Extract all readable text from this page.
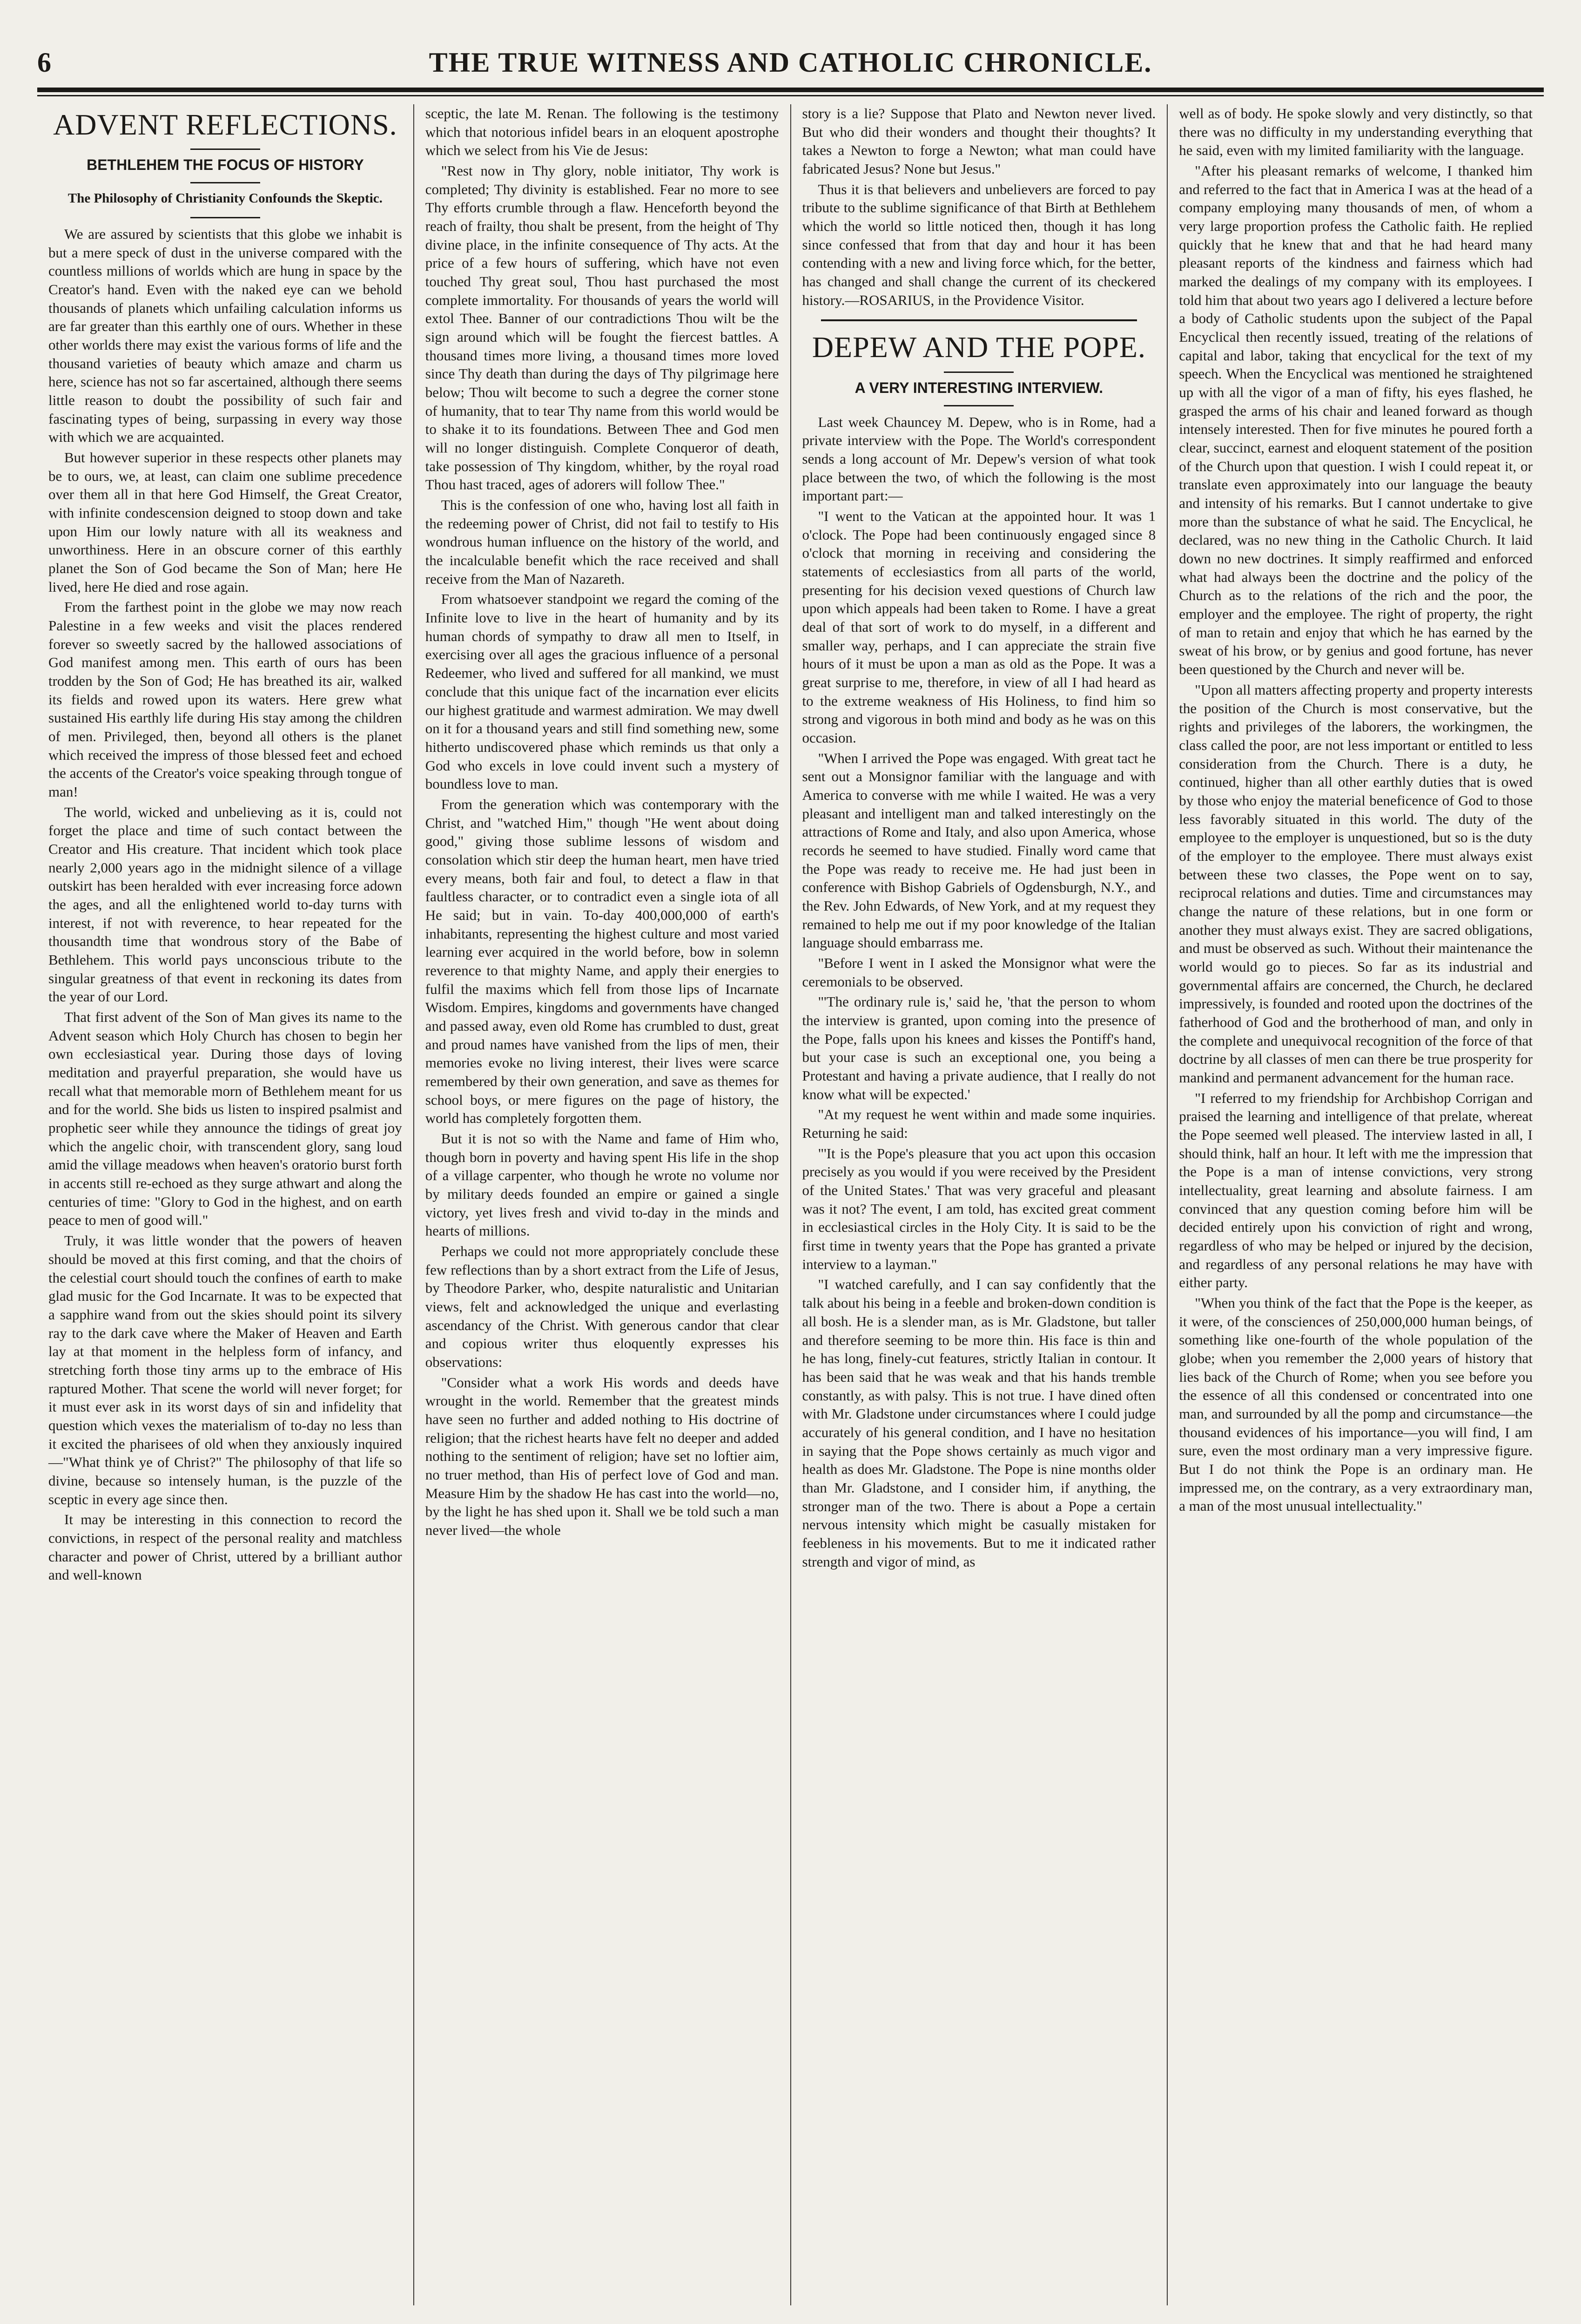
6	THE TRUE WITNESS AND CATHOLIC CHRONICLE.
ADVENT REFLECTIONS.
BETHLEHEM THE FOCUS OF HISTORY
The Philosophy of Christianity Confounds the Skeptic.

We are assured by scientists that this globe we inhabit is but a mere speck of dust in the universe compared with the countless millions of worlds which are hung in space by the Creator's hand. Even with the naked eye can we behold thousands of planets which unfailing calculation informs us are far greater than this earthly one of ours. Whether in these other worlds there may exist the various forms of life and the thousand varieties of beauty which amaze and charm us here, science has not so far ascertained, although there seems little reason to doubt the possibility of such fair and fascinating types of being, surpassing in every way those with which we are acquainted.

But however superior in these respects other planets may be to ours, we, at least, can claim one sublime precedence over them all in that here God Himself, the Great Creator, with infinite condescension deigned to stoop down and take upon Him our lowly nature with all its weakness and unworthiness. Here in an obscure corner of this earthly planet the Son of God became the Son of Man; here He lived, here He died and rose again.

From the farthest point in the globe we may now reach Palestine in a few weeks and visit the places rendered forever so sweetly sacred by the hallowed associations of God manifest among men. This earth of ours has been trodden by the Son of God; He has breathed its air, walked its fields and rowed upon its waters. Here grew what sustained His earthly life during His stay among the children of men. Privileged, then, beyond all others is the planet which received the impress of those blessed feet and echoed the accents of the Creator's voice speaking through tongue of man!

The world, wicked and unbelieving as it is, could not forget the place and time of such contact between the Creator and His creature. That incident which took place nearly 2,000 years ago in the midnight silence of a village outskirt has been heralded with ever increasing force adown the ages, and all the enlightened world to-day turns with interest, if not with reverence, to hear repeated for the thousandth time that wondrous story of the Babe of Bethlehem. This world pays unconscious tribute to the singular greatness of that event in reckoning its dates from the year of our Lord.

That first advent of the Son of Man gives its name to the Advent season which Holy Church has chosen to begin her own ecclesiastical year. During those days of loving meditation and prayerful preparation, she would have us recall what that memorable morn of Bethlehem meant for us and for the world. She bids us listen to inspired psalmist and prophetic seer while they announce the tidings of great joy which the angelic choir, with transcendent glory, sang loud amid the village meadows when heaven's oratorio burst forth in accents still re-echoed as they surge athwart and along the centuries of time: "Glory to God in the highest, and on earth peace to men of good will."

Truly, it was little wonder that the powers of heaven should be moved at this first coming, and that the choirs of the celestial court should touch the confines of earth to make glad music for the God Incarnate. It was to be expected that a sapphire wand from out the skies should point its silvery ray to the dark cave where the Maker of Heaven and Earth lay at that moment in the helpless form of infancy, and stretching forth those tiny arms up to the embrace of His raptured Mother. That scene the world will never forget; for it must ever ask in its worst days of sin and infidelity that question which vexes the materialism of to-day no less than it excited the pharisees of old when they anxiously inquired—"What think ye of Christ?" The philosophy of that life so divine, because so intensely human, is the puzzle of the sceptic in every age since then.

It may be interesting in this connection to record the convictions, in respect of the personal reality and matchless character and power of Christ, uttered by a brilliant author and well-known

sceptic, the late M. Renan. The following is the testimony which that notorious infidel bears in an eloquent apostrophe which we select from his Vie de Jesus:

"Rest now in Thy glory, noble initiator, Thy work is completed; Thy divinity is established. Fear no more to see Thy efforts crumble through a flaw. Henceforth beyond the reach of frailty, thou shalt be present, from the height of Thy divine place, in the infinite consequence of Thy acts. At the price of a few hours of suffering, which have not even touched Thy great soul, Thou hast purchased the most complete immortality. For thousands of years the world will extol Thee. Banner of our contradictions Thou wilt be the sign around which will be fought the fiercest battles. A thousand times more living, a thousand times more loved since Thy death than during the days of Thy pilgrimage here below; Thou wilt become to such a degree the corner stone of humanity, that to tear Thy name from this world would be to shake it to its foundations. Between Thee and God men will no longer distinguish. Complete Conqueror of death, take possession of Thy kingdom, whither, by the royal road Thou hast traced, ages of adorers will follow Thee."

This is the confession of one who, having lost all faith in the redeeming power of Christ, did not fail to testify to His wondrous human influence on the history of the world, and the incalculable benefit which the race received and shall receive from the Man of Nazareth.

From whatsoever standpoint we regard the coming of the Infinite love to live in the heart of humanity and by its human chords of sympathy to draw all men to Itself, in exercising over all ages the gracious influence of a personal Redeemer, who lived and suffered for all mankind, we must conclude that this unique fact of the incarnation ever elicits our highest gratitude and warmest admiration. We may dwell on it for a thousand years and still find something new, some hitherto undiscovered phase which reminds us that only a God who excels in love could invent such a mystery of boundless love to man.

From the generation which was contemporary with the Christ, and "watched Him," though "He went about doing good," giving those sublime lessons of wisdom and consolation which stir deep the human heart, men have tried every means, both fair and foul, to detect a flaw in that faultless character, or to contradict even a single iota of all He said; but in vain. To-day 400,000,000 of earth's inhabitants, representing the highest culture and most varied learning ever acquired in the world before, bow in solemn reverence to that mighty Name, and apply their energies to fulfil the maxims which fell from those lips of Incarnate Wisdom. Empires, kingdoms and governments have changed and passed away, even old Rome has crumbled to dust, great and proud names have vanished from the lips of men, their memories evoke no living interest, their lives were scarce remembered by their own generation, and save as themes for school boys, or mere figures on the page of history, the world has completely forgotten them.

But it is not so with the Name and fame of Him who, though born in poverty and having spent His life in the shop of a village carpenter, who though he wrote no volume nor by military deeds founded an empire or gained a single victory, yet lives fresh and vivid to-day in the minds and hearts of millions.

Perhaps we could not more appropriately conclude these few reflections than by a short extract from the Life of Jesus, by Theodore Parker, who, despite naturalistic and Unitarian views, felt and acknowledged the unique and everlasting ascendancy of the Christ. With generous candor that clear and copious writer thus eloquently expresses his observations:

"Consider what a work His words and deeds have wrought in the world. Remember that the greatest minds have seen no further and added nothing to His doctrine of religion; that the richest hearts have felt no deeper and added nothing to the sentiment of religion; have set no loftier aim, no truer method, than His of perfect love of God and man. Measure Him by the shadow He has cast into the world—no, by the light he has shed upon it. Shall we be told such a man never lived—the whole

story is a lie? Suppose that Plato and Newton never lived. But who did their wonders and thought their thoughts? It takes a Newton to forge a Newton; what man could have fabricated Jesus? None but Jesus."

Thus it is that believers and unbelievers are forced to pay tribute to the sublime significance of that Birth at Bethlehem which the world so little noticed then, though it has long since confessed that from that day and hour it has been contending with a new and living force which, for the better, has changed and shall change the current of its checkered history.—ROSARIUS, in the Providence Visitor.

DEPEW AND THE POPE.
A VERY INTERESTING INTERVIEW.

Last week Chauncey M. Depew, who is in Rome, had a private interview with the Pope. The World's correspondent sends a long account of Mr. Depew's version of what took place between the two, of which the following is the most important part:—

"I went to the Vatican at the appointed hour. It was 1 o'clock. The Pope had been continuously engaged since 8 o'clock that morning in receiving and considering the statements of ecclesiastics from all parts of the world, presenting for his decision vexed questions of Church law upon which appeals had been taken to Rome. I have a great deal of that sort of work to do myself, in a different and smaller way, perhaps, and I can appreciate the strain five hours of it must be upon a man as old as the Pope. It was a great surprise to me, therefore, in view of all I had heard as to the extreme weakness of His Holiness, to find him so strong and vigorous in both mind and body as he was on this occasion.

"When I arrived the Pope was engaged. With great tact he sent out a Monsignor familiar with the language and with America to converse with me while I waited. He was a very pleasant and intelligent man and talked interestingly on the attractions of Rome and Italy, and also upon America, whose records he seemed to have studied. Finally word came that the Pope was ready to receive me. He had just been in conference with Bishop Gabriels of Ogdensburgh, N.Y., and the Rev. John Edwards, of New York, and at my request they remained to help me out if my poor knowledge of the Italian language should embarrass me.

"Before I went in I asked the Monsignor what were the ceremonials to be observed.

"'The ordinary rule is,' said he, 'that the person to whom the interview is granted, upon coming into the presence of the Pope, falls upon his knees and kisses the Pontiff's hand, but your case is such an exceptional one, you being a Protestant and having a private audience, that I really do not know what will be expected.'

"At my request he went within and made some inquiries. Returning he said:

"'It is the Pope's pleasure that you act upon this occasion precisely as you would if you were received by the President of the United States.' That was very graceful and pleasant was it not? The event, I am told, has excited great comment in ecclesiastical circles in the Holy City. It is said to be the first time in twenty years that the Pope has granted a private interview to a layman."

"I watched carefully, and I can say confidently that the talk about his being in a feeble and broken-down condition is all bosh. He is a slender man, as is Mr. Gladstone, but taller and therefore seeming to be more thin. His face is thin and he has long, finely-cut features, strictly Italian in contour. It has been said that he was weak and that his hands tremble constantly, as with palsy. This is not true. I have dined often with Mr. Gladstone under circumstances where I could judge accurately of his general condition, and I have no hesitation in saying that the Pope shows certainly as much vigor and health as does Mr. Gladstone. The Pope is nine months older than Mr. Gladstone, and I consider him, if anything, the stronger man of the two. There is about a Pope a certain nervous intensity which might be casually mistaken for feebleness in his movements. But to me it indicated rather strength and vigor of mind, as

well as of body. He spoke slowly and very distinctly, so that there was no difficulty in my understanding everything that he said, even with my limited familiarity with the language.

"After his pleasant remarks of welcome, I thanked him and referred to the fact that in America I was at the head of a company employing many thousands of men, of whom a very large proportion profess the Catholic faith. He replied quickly that he knew that and that he had heard many pleasant reports of the kindness and fairness which had marked the dealings of my company with its employees. I told him that about two years ago I delivered a lecture before a body of Catholic students upon the subject of the Papal Encyclical then recently issued, treating of the relations of capital and labor, taking that encyclical for the text of my speech. When the Encyclical was mentioned he straightened up with all the vigor of a man of fifty, his eyes flashed, he grasped the arms of his chair and leaned forward as though intensely interested. Then for five minutes he poured forth a clear, succinct, earnest and eloquent statement of the position of the Church upon that question. I wish I could repeat it, or translate even approximately into our language the beauty and intensity of his remarks. But I cannot undertake to give more than the substance of what he said. The Encyclical, he declared, was no new thing in the Catholic Church. It laid down no new doctrines. It simply reaffirmed and enforced what had always been the doctrine and the policy of the Church as to the relations of the rich and the poor, the employer and the employee. The right of property, the right of man to retain and enjoy that which he has earned by the sweat of his brow, or by genius and good fortune, has never been questioned by the Church and never will be.

"Upon all matters affecting property and property interests the position of the Church is most conservative, but the rights and privileges of the laborers, the workingmen, the class called the poor, are not less important or entitled to less consideration from the Church. There is a duty, he continued, higher than all other earthly duties that is owed by those who enjoy the material beneficence of God to those less favorably situated in this world. The duty of the employee to the employer is unquestioned, but so is the duty of the employer to the employee. There must always exist between these two classes, the Pope went on to say, reciprocal relations and duties. Time and circumstances may change the nature of these relations, but in one form or another they must always exist. They are sacred obligations, and must be observed as such. Without their maintenance the world would go to pieces. So far as its industrial and governmental affairs are concerned, the Church, he declared impressively, is founded and rooted upon the doctrines of the fatherhood of God and the brotherhood of man, and only in the complete and unequivocal recognition of the force of that doctrine by all classes of men can there be true prosperity for mankind and permanent advancement for the human race.

"I referred to my friendship for Archbishop Corrigan and praised the learning and intelligence of that prelate, whereat the Pope seemed well pleased. The interview lasted in all, I should think, half an hour. It left with me the impression that the Pope is a man of intense convictions, very strong intellectuality, great learning and absolute fairness. I am convinced that any question coming before him will be decided entirely upon his conviction of right and wrong, regardless of who may be helped or injured by the decision, and regardless of any personal relations he may have with either party.

"When you think of the fact that the Pope is the keeper, as it were, of the consciences of 250,000,000 human beings, of something like one-fourth of the whole population of the globe; when you remember the 2,000 years of history that lies back of the Church of Rome; when you see before you the essence of all this condensed or concentrated into one man, and surrounded by all the pomp and circumstance—the thousand evidences of his importance—you will find, I am sure, even the most ordinary man a very impressive figure. But I do not think the Pope is an ordinary man. He impressed me, on the contrary, as a very extraordinary man, a man of the most unusual intellectuality."
